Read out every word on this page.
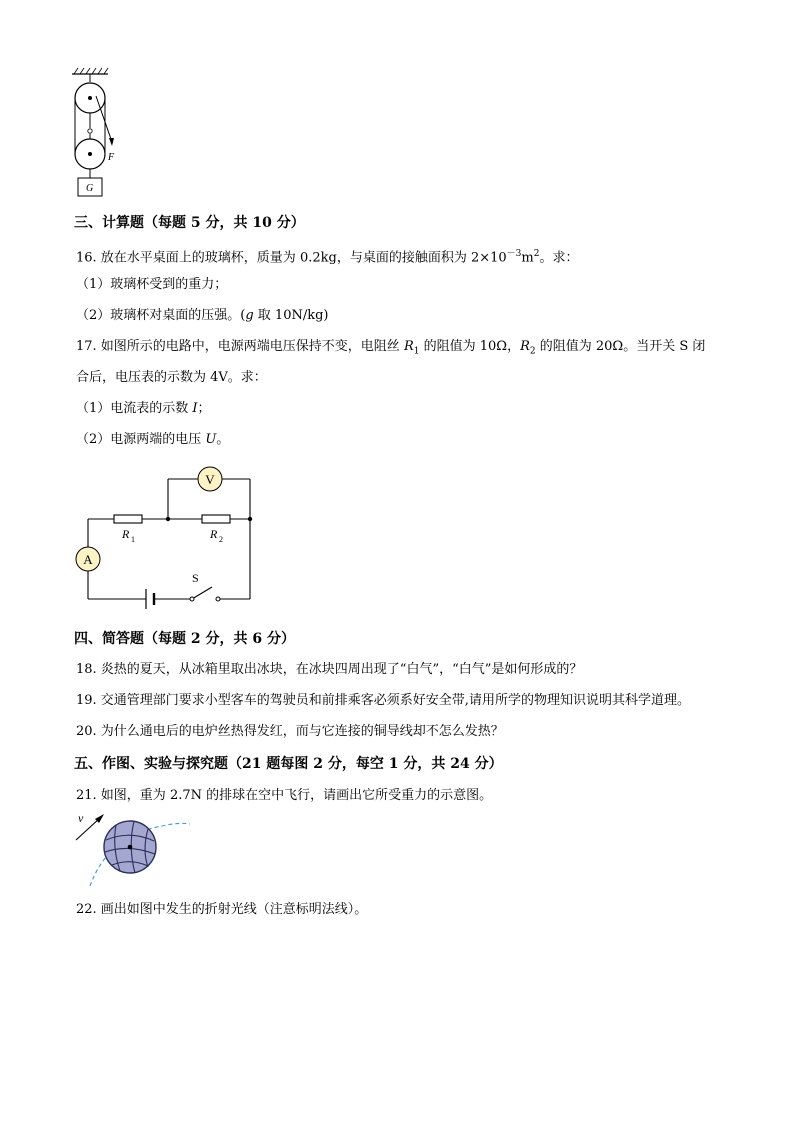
F
G
三、计算题（每题 5 分，共 10 分）
16. 放在水平桌面上的玻璃杯，质量为 0.2kg，与桌面的接触面积为 $2\times 10^{-3}m^2$。求：
（1）玻璃杯受到的重力；
（2）玻璃杯对桌面的压强。(g 取 10N/kg)
17. 如图所示的电路中，电源两端电压保持不变，电阻丝 $R_1$ 的阻值为 10Ω，$R_2$ 的阻值为 20Ω。当开关 S 闭
合后，电压表的示数为 4V。求：
（1）电流表的示数 I；
（2）电源两端的电压 U。
V
A
R 1	R 2
S
四、简答题（每题 2 分，共 6 分）
18. 炎热的夏天，从冰箱里取出冰块，在冰块四周出现了“白气”，“白气”是如何形成的？
19. 交通管理部门要求小型客车的驾驶员和前排乘客必须系好安全带,请用所学的物理知识说明其科学道理。
20. 为什么通电后的电炉丝热得发红，而与它连接的铜导线却不怎么发热？
五、作图、实验与探究题（21 题每图 2 分，每空 1 分，共 24 分）
21. 如图，重为 2.7N 的排球在空中飞行，请画出它所受重力的示意图。
v
22. 画出如图中发生的折射光线（注意标明法线）。
